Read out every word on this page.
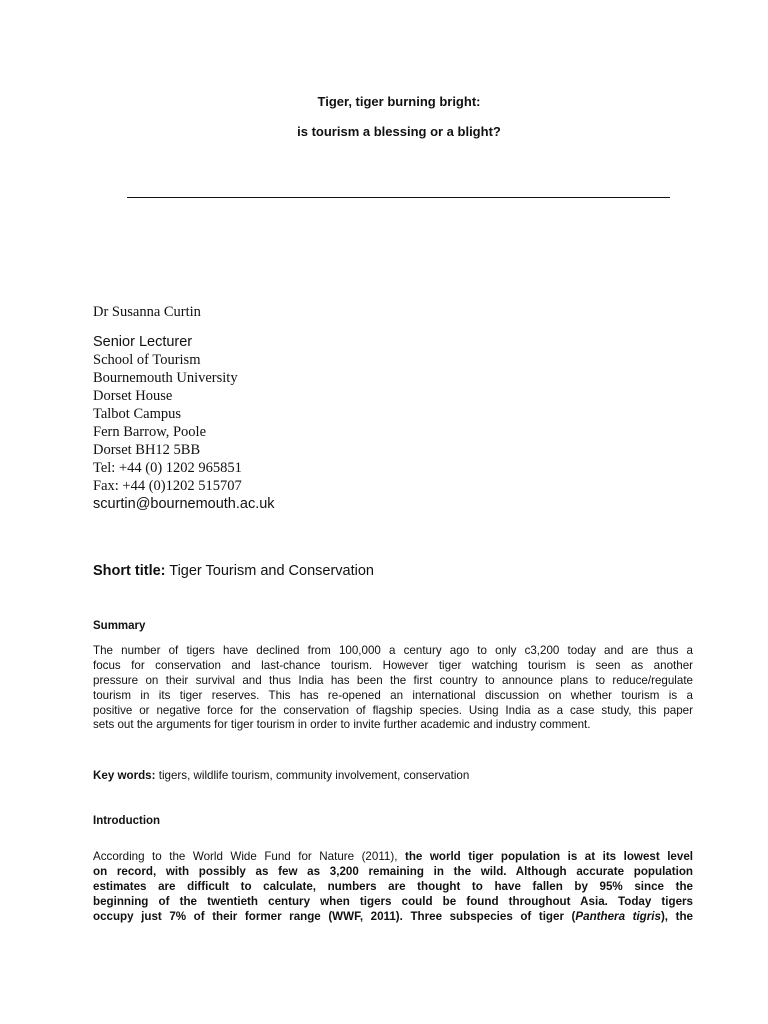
Tiger, tiger burning bright:
is tourism a blessing or a blight?
Dr Susanna Curtin
Senior Lecturer
School of Tourism
Bournemouth University
Dorset House
Talbot Campus
Fern Barrow, Poole
Dorset BH12 5BB
Tel: +44 (0) 1202 965851
Fax: +44 (0)1202 515707
scurtin@bournemouth.ac.uk
Short title: Tiger Tourism and Conservation
Summary
The number of tigers have declined from 100,000 a century ago to only c3,200 today and are thus a
focus for conservation and last-chance tourism. However tiger watching tourism is seen as another
pressure on their survival and thus India has been the first country to announce plans to reduce/regulate
tourism in its tiger reserves. This has re-opened an international discussion on whether tourism is a
positive or negative force for the conservation of flagship species. Using India as a case study, this paper
sets out the arguments for tiger tourism in order to invite further academic and industry comment.
Key words: tigers, wildlife tourism, community involvement, conservation
Introduction
According to the World Wide Fund for Nature (2011), the world tiger population is at its lowest level
on record, with possibly as few as 3,200 remaining in the wild. Although accurate population
estimates are difficult to calculate, numbers are thought to have fallen by 95% since the
beginning of the twentieth century when tigers could be found throughout Asia. Today tigers
occupy just 7% of their former range (WWF, 2011). Three subspecies of tiger (Panthera tigris), the
